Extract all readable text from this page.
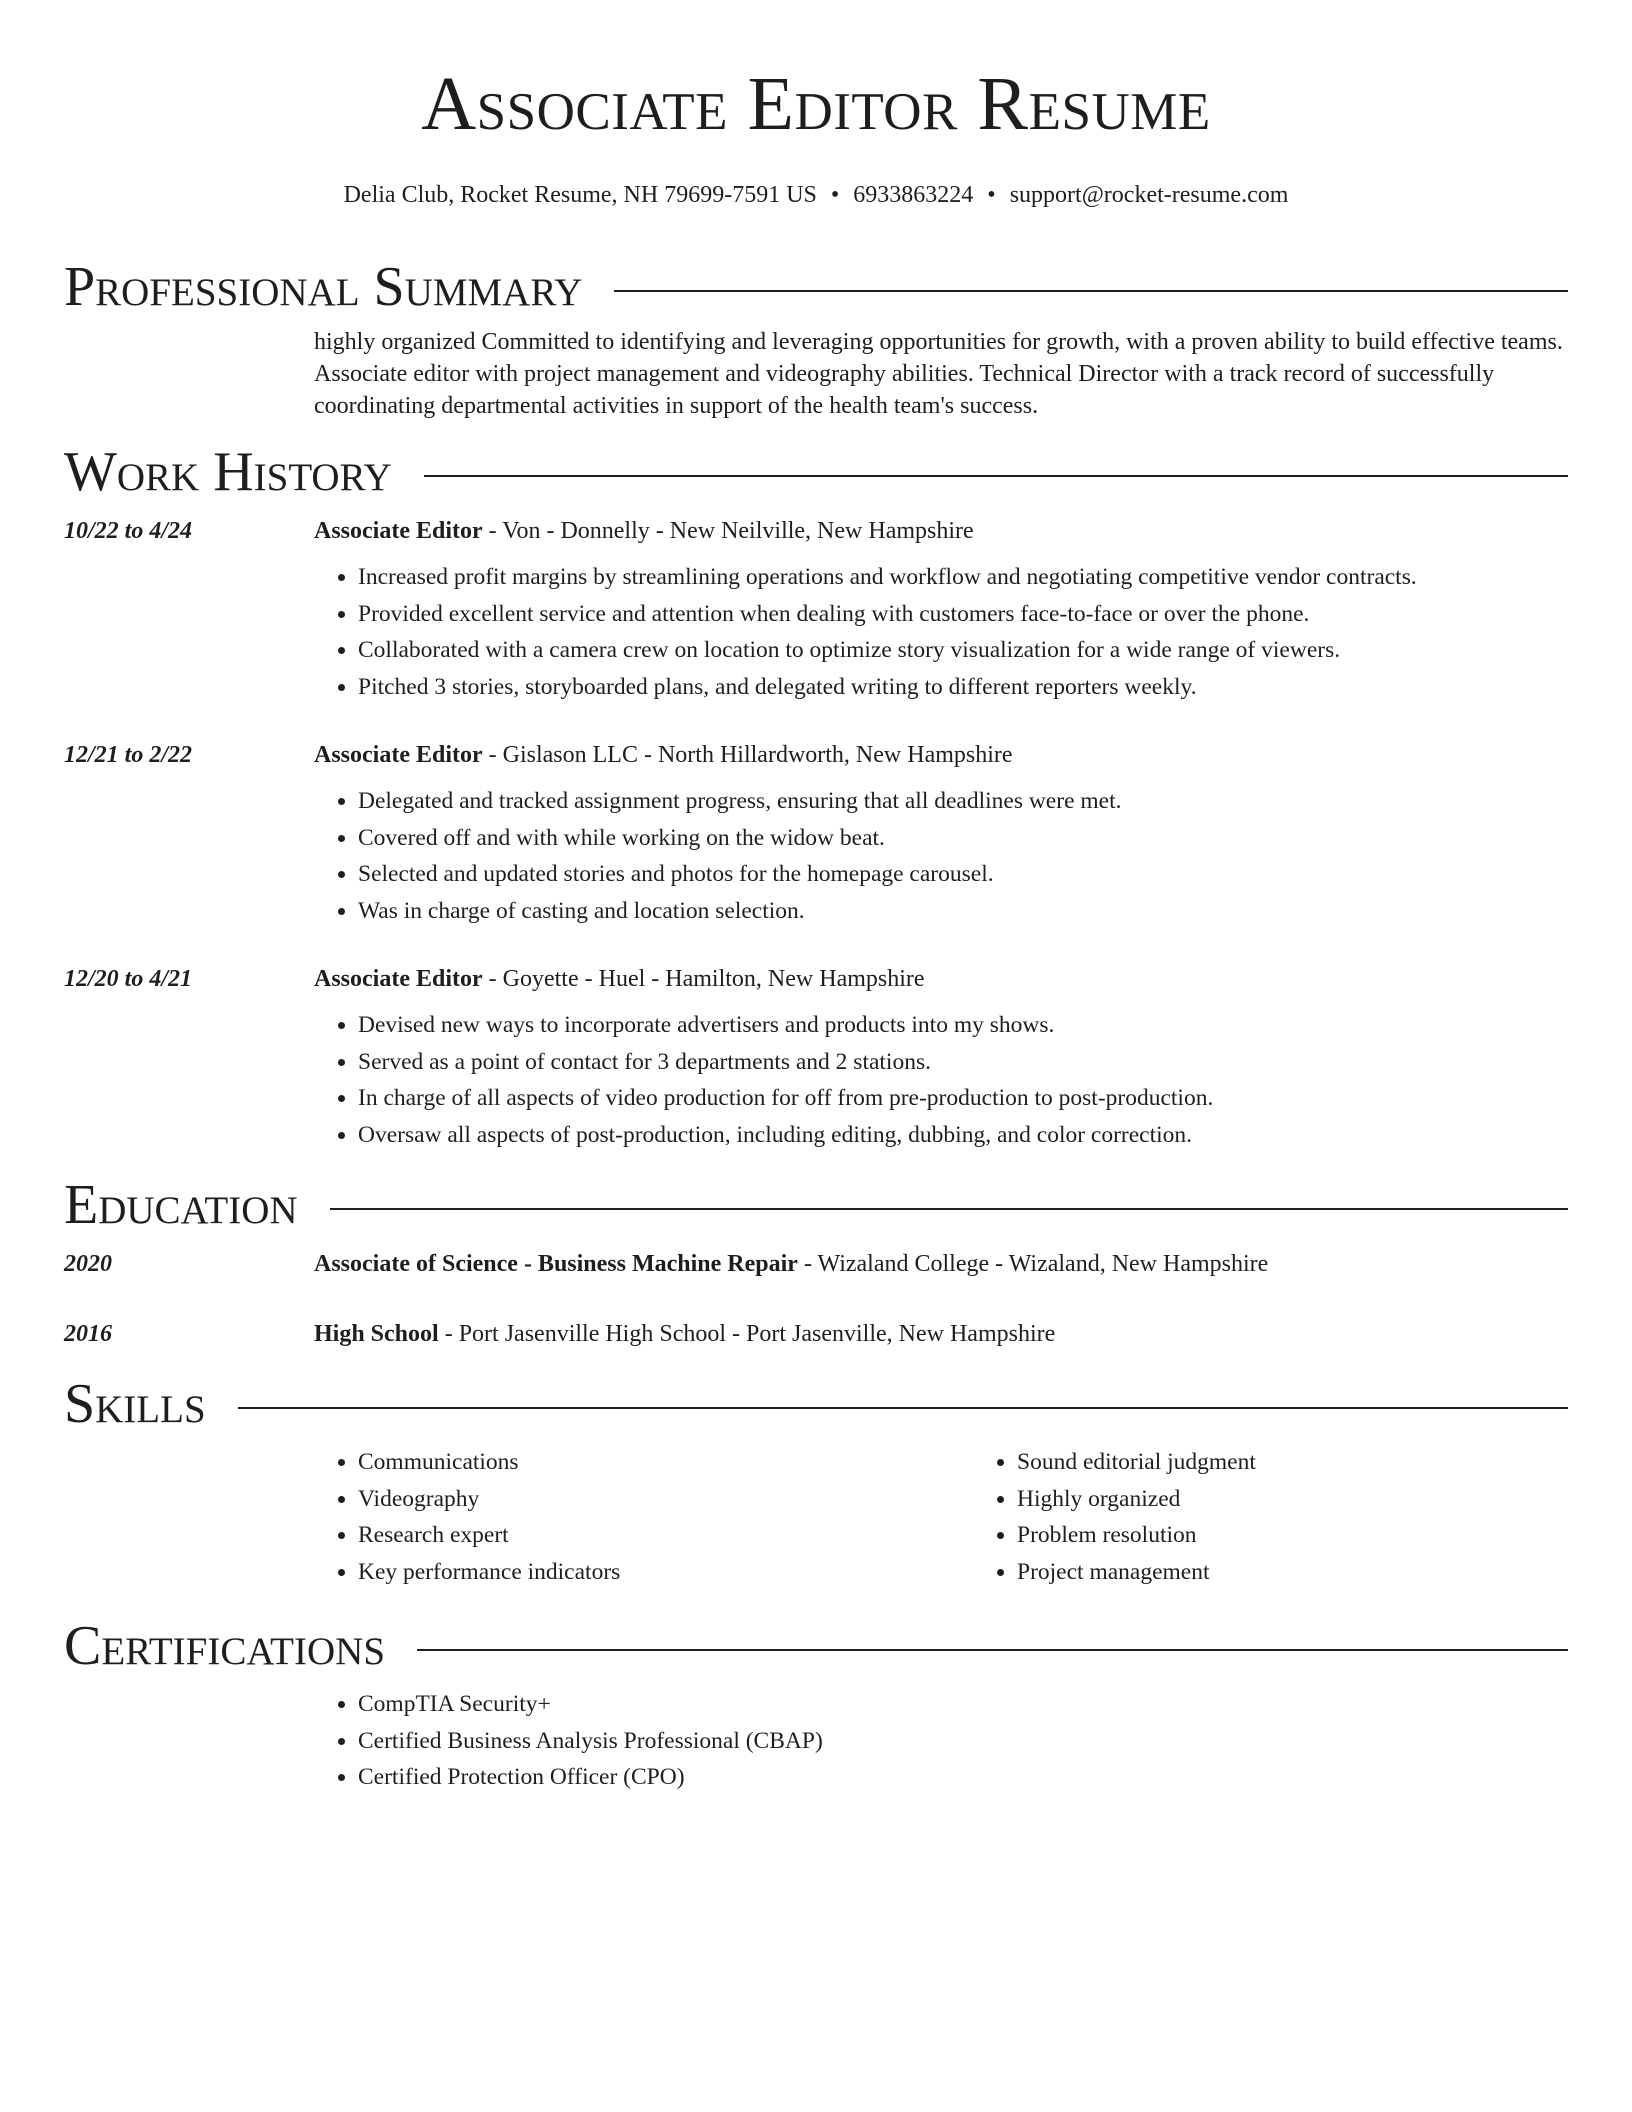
Associate Editor Resume
Delia Club, Rocket Resume, NH 79699-7591 US • 6933863224 • support@rocket-resume.com
Professional Summary
highly organized Committed to identifying and leveraging opportunities for growth, with a proven ability to build effective teams. Associate editor with project management and videography abilities. Technical Director with a track record of successfully coordinating departmental activities in support of the health team's success.
Work History
10/22 to 4/24	Associate Editor - Von - Donnelly - New Neilville, New Hampshire
• Increased profit margins by streamlining operations and workflow and negotiating competitive vendor contracts.
• Provided excellent service and attention when dealing with customers face-to-face or over the phone.
• Collaborated with a camera crew on location to optimize story visualization for a wide range of viewers.
• Pitched 3 stories, storyboarded plans, and delegated writing to different reporters weekly.
12/21 to 2/22	Associate Editor - Gislason LLC - North Hillardworth, New Hampshire
• Delegated and tracked assignment progress, ensuring that all deadlines were met.
• Covered off and with while working on the widow beat.
• Selected and updated stories and photos for the homepage carousel.
• Was in charge of casting and location selection.
12/20 to 4/21	Associate Editor - Goyette - Huel - Hamilton, New Hampshire
• Devised new ways to incorporate advertisers and products into my shows.
• Served as a point of contact for 3 departments and 2 stations.
• In charge of all aspects of video production for off from pre-production to post-production.
• Oversaw all aspects of post-production, including editing, dubbing, and color correction.
Education
2020	Associate of Science - Business Machine Repair - Wizaland College - Wizaland, New Hampshire
2016	High School - Port Jasenville High School - Port Jasenville, New Hampshire
Skills
• Communications
• Videography
• Research expert
• Key performance indicators
• Sound editorial judgment
• Highly organized
• Problem resolution
• Project management
Certifications
• CompTIA Security+
• Certified Business Analysis Professional (CBAP)
• Certified Protection Officer (CPO)
